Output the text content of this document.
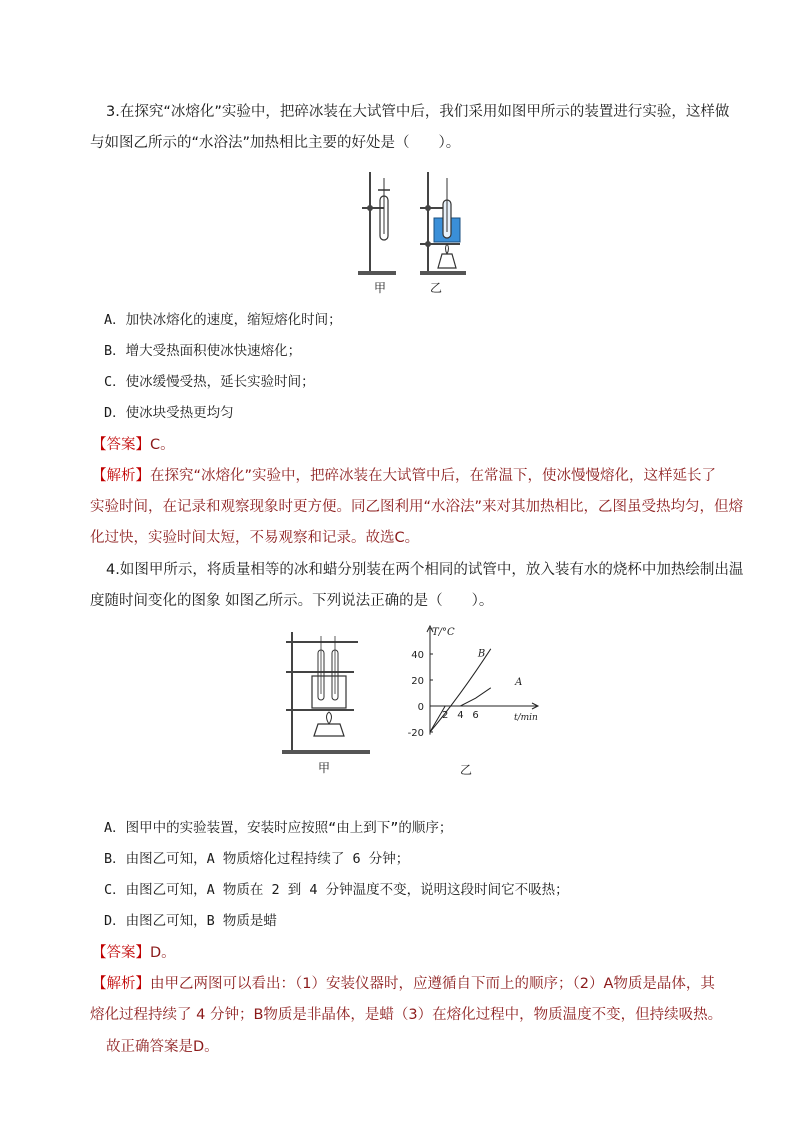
3.在探究“冰熔化”实验中，把碎冰装在大试管中后，我们采用如图甲所示的装置进行实验，这样做
与如图乙所示的“水浴法”加热相比主要的好处是（　　）。
甲	乙
A．加快冰熔化的速度，缩短熔化时间；
B．增大受热面积使冰快速熔化；
C．使冰缓慢受热，延长实验时间；
D．使冰块受热更均匀
【答案】C。
【解析】在探究“冰熔化”实验中，把碎冰装在大试管中后，在常温下，使冰慢慢熔化，这样延长了
实验时间，在记录和观察现象时更方便。同乙图利用“水浴法”来对其加热相比，乙图虽受热均匀，但熔
化过快，实验时间太短，不易观察和记录。故选C。
4.如图甲所示，将质量相等的冰和蜡分别装在两个相同的试管中，放入装有水的烧杯中加热绘制出温
度随时间变化的图象 如图乙所示。下列说法正确的是（　　）。
甲
T/°C
t/min
40
20
0
-20
2 4 6
B
A
乙
A．图甲中的实验装置，安装时应按照“由上到下”的顺序；
B．由图乙可知，A 物质熔化过程持续了 6 分钟；
C．由图乙可知，A 物质在 2 到 4 分钟温度不变，说明这段时间它不吸热；
D．由图乙可知，B 物质是蜡
【答案】D。
【解析】由甲乙两图可以看出：（1）安装仪器时，应遵循自下而上的顺序；（2）A物质是晶体，其
熔化过程持续了 4 分钟；B物质是非晶体，是蜡（3）在熔化过程中，物质温度不变，但持续吸热。
故正确答案是D。
